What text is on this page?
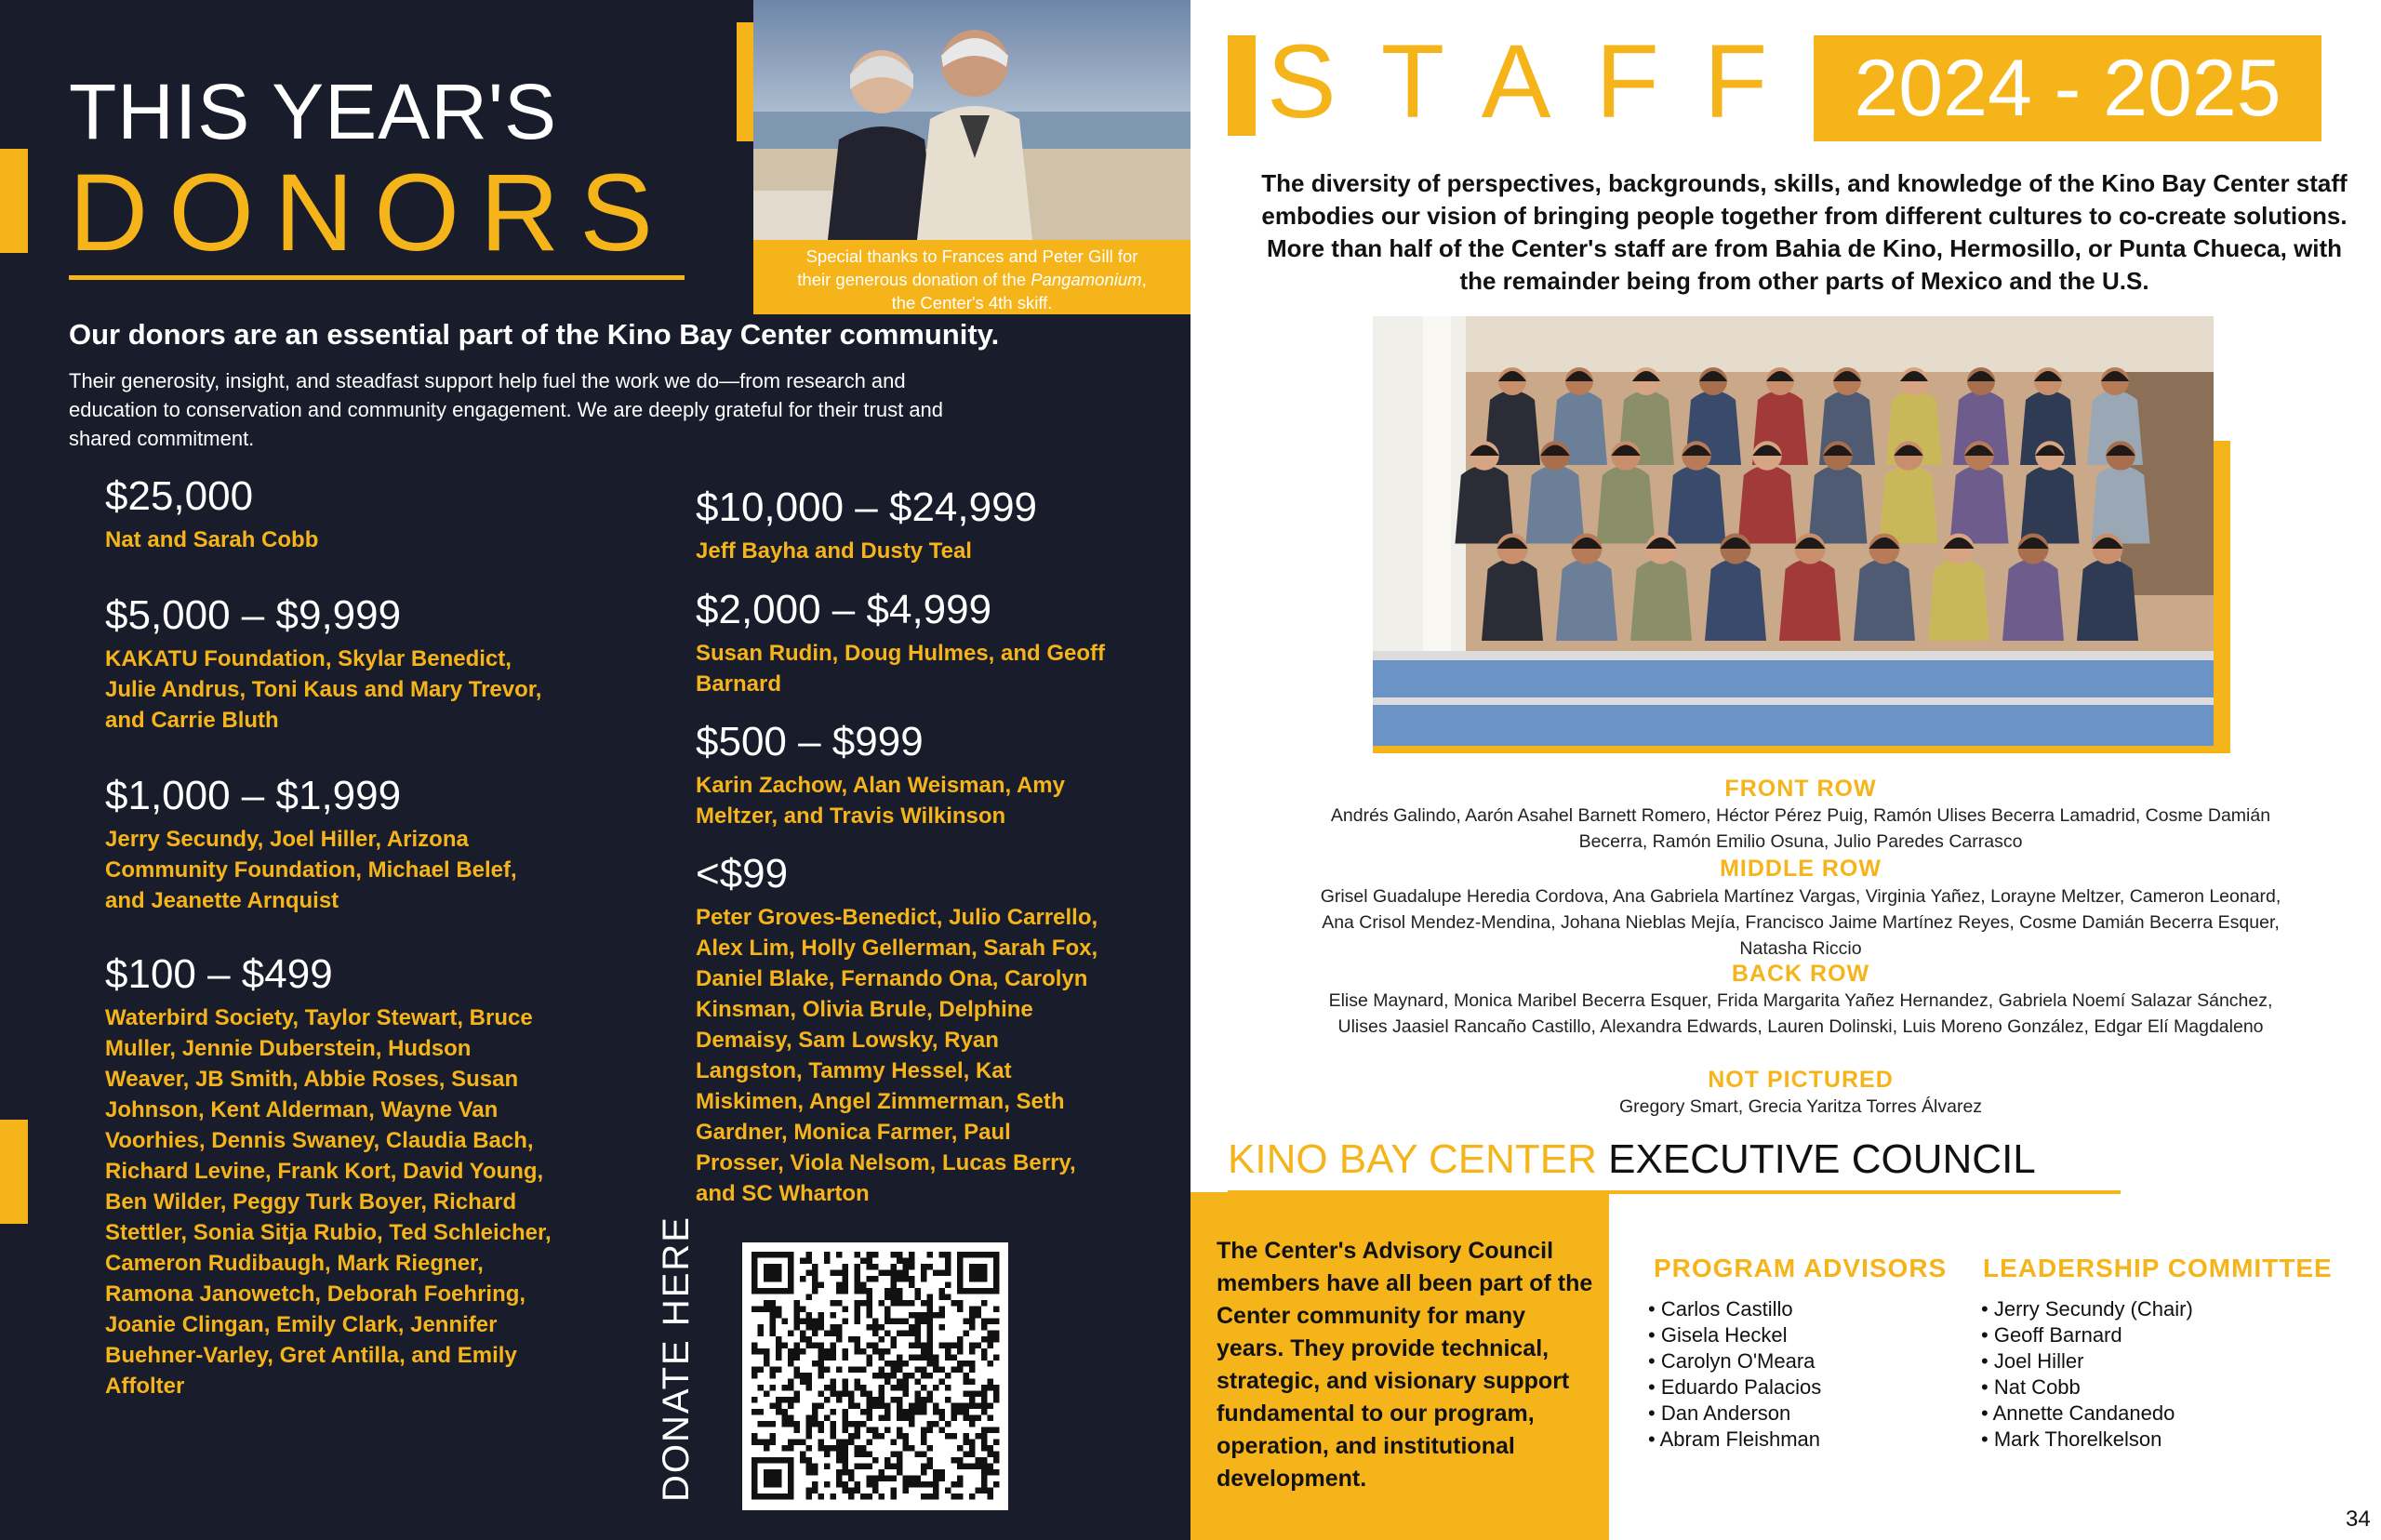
THIS YEAR'S
DONORS	Special thanks to Frances and Peter Gill for
their generous donation of the Pangamonium,
the Center's 4th skiff.
Our donors are an essential part of the Kino Bay Center community.
Their generosity, insight, and steadfast support help fuel the work we do—from research and education to conservation and community engagement. We are deeply grateful for their trust and shared commitment.
$25,000
Nat and Sarah Cobb
$5,000 – $9,999
KAKATU Foundation, Skylar Benedict, Julie Andrus, Toni Kaus and Mary Trevor, and Carrie Bluth
$1,000 – $1,999
Jerry Secundy, Joel Hiller, Arizona Community Foundation, Michael Belef, and Jeanette Arnquist
$100 – $499
Waterbird Society, Taylor Stewart, Bruce Muller, Jennie Duberstein, Hudson Weaver, JB Smith, Abbie Roses, Susan Johnson, Kent Alderman, Wayne Van Voorhies, Dennis Swaney, Claudia Bach, Richard Levine, Frank Kort, David Young, Ben Wilder, Peggy Turk Boyer, Richard Stettler, Sonia Sitja Rubio, Ted Schleicher, Cameron Rudibaugh, Mark Riegner, Ramona Janowetch, Deborah Foehring, Joanie Clingan, Emily Clark, Jennifer Buehner-Varley, Gret Antilla, and Emily Affolter
$10,000 – $24,999
Jeff Bayha and Dusty Teal
$2,000 – $4,999
Susan Rudin, Doug Hulmes, and Geoff Barnard
$500 – $999
Karin Zachow, Alan Weisman, Amy Meltzer, and Travis Wilkinson
<$99
Peter Groves-Benedict, Julio Carrello, Alex Lim, Holly Gellerman, Sarah Fox, Daniel Blake, Fernando Ona, Carolyn Kinsman, Olivia Brule, Delphine Demaisy, Sam Lowsky, Ryan Langston, Tammy Hessel, Kat Miskimen, Angel Zimmerman, Seth Gardner, Monica Farmer, Paul Prosser, Viola Nelsom, Lucas Berry, and SC Wharton
DONATE HERE
STAFF 2024 - 2025
The diversity of perspectives, backgrounds, skills, and knowledge of the Kino Bay Center staff embodies our vision of bringing people together from different cultures to co-create solutions. More than half of the Center's staff are from Bahia de Kino, Hermosillo, or Punta Chueca, with the remainder being from other parts of Mexico and the U.S.
FRONT ROW
Andrés Galindo, Aarón Asahel Barnett Romero, Héctor Pérez Puig, Ramón Ulises Becerra Lamadrid, Cosme Damián Becerra, Ramón Emilio Osuna, Julio Paredes Carrasco
MIDDLE ROW
Grisel Guadalupe Heredia Cordova, Ana Gabriela Martínez Vargas, Virginia Yañez, Lorayne Meltzer, Cameron Leonard, Ana Crisol Mendez-Mendina, Johana Nieblas Mejía, Francisco Jaime Martínez Reyes, Cosme Damián Becerra Esquer, Natasha Riccio
BACK ROW
Elise Maynard, Monica Maribel Becerra Esquer, Frida Margarita Yañez Hernandez, Gabriela Noemí Salazar Sánchez, Ulises Jaasiel Rancaño Castillo, Alexandra Edwards, Lauren Dolinski, Luis Moreno González, Edgar Elí Magdaleno
NOT PICTURED
Gregory Smart, Grecia Yaritza Torres Álvarez
KINO BAY CENTER EXECUTIVE COUNCIL
The Center's Advisory Council members have all been part of the Center community for many years. They provide technical, strategic, and visionary support fundamental to our program, operation, and institutional development.
PROGRAM ADVISORS
• Carlos Castillo
• Gisela Heckel
• Carolyn O'Meara
• Eduardo Palacios
• Dan Anderson
• Abram Fleishman
LEADERSHIP COMMITTEE
• Jerry Secundy (Chair)
• Geoff Barnard
• Joel Hiller
• Nat Cobb
• Annette Candanedo
• Mark Thorelkelson
34
